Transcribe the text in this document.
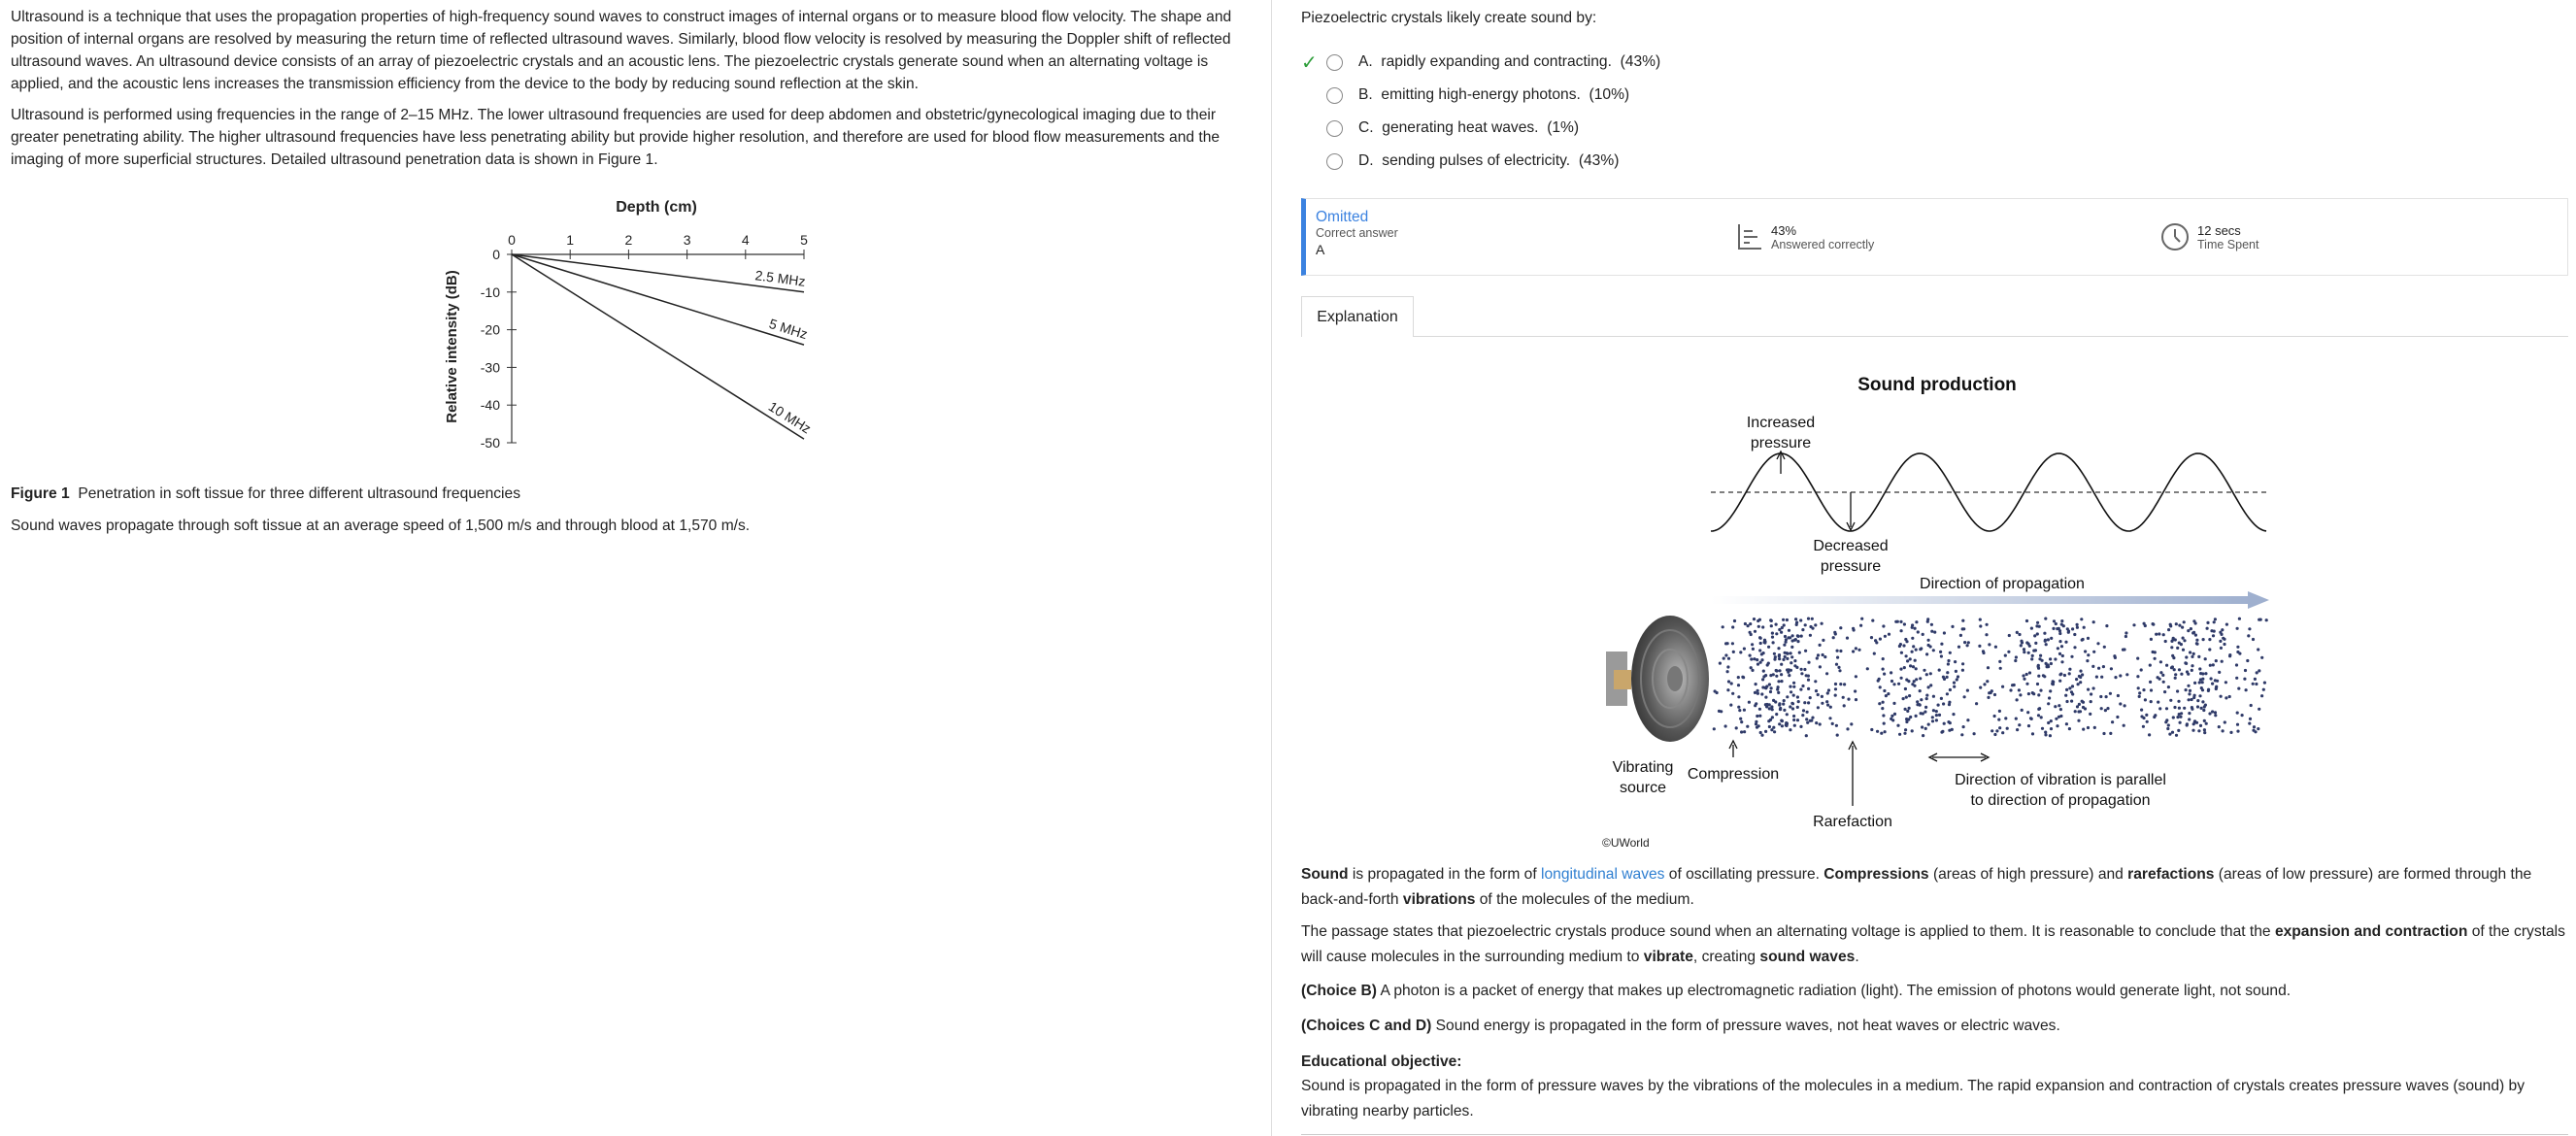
Ultrasound is a technique that uses the propagation properties of high-frequency sound waves to construct images of internal organs or to measure blood flow velocity. The shape and position of internal organs are resolved by measuring the return time of reflected ultrasound waves. Similarly, blood flow velocity is resolved by measuring the Doppler shift of reflected ultrasound waves. An ultrasound device consists of an array of piezoelectric crystals and an acoustic lens. The piezoelectric crystals generate sound when an alternating voltage is applied, and the acoustic lens increases the transmission efficiency from the device to the body by reducing sound reflection at the skin.

Ultrasound is performed using frequencies in the range of 2–15 MHz. The lower ultrasound frequencies are used for deep abdomen and obstetric/gynecological imaging due to their greater penetrating ability. The higher ultrasound frequencies have less penetrating ability but provide higher resolution, and therefore are used for blood flow measurements and the imaging of more superficial structures. Detailed ultrasound penetration data is shown in Figure 1.

Depth (cm)
Relative intensity (dB)
0	1	2	3	4	5
0
-10
-20
-30
-40
-50
2.5 MHz
5 MHz
10 MHz

Figure 1 Penetration in soft tissue for three different ultrasound frequencies

Sound waves propagate through soft tissue at an average speed of 1,500 m/s and through blood at 1,570 m/s.

Piezoelectric crystals likely create sound by:

✓	A.
rapidly expanding and contracting.
(43%)
B.
emitting high-energy photons.
(10%)
C.
generating heat waves.
(1%)
D.
sending pulses of electricity.
(43%)
Omitted
Correct answer
A
43%
Answered correctly
12 secs
Time Spent
Explanation
Sound production
Increased
pressure
Decreased
pressure
Direction of propagation
Vibrating
source
Compression
Rarefaction
Direction of vibration is parallel
to direction of propagation
©UWorld

Sound is propagated in the form of longitudinal waves of oscillating pressure. Compressions (areas of high pressure) and rarefactions (areas of low pressure) are formed through the back-and-forth vibrations of the molecules of the medium.

The passage states that piezoelectric crystals produce sound when an alternating voltage is applied to them. It is reasonable to conclude that the expansion and contraction of the crystals will cause molecules in the surrounding medium to vibrate, creating sound waves.

(Choice B) A photon is a packet of energy that makes up electromagnetic radiation (light). The emission of photons would generate light, not sound.

(Choices C and D) Sound energy is propagated in the form of pressure waves, not heat waves or electric waves.

Educational objective:

Sound is propagated in the form of pressure waves by the vibrations of the molecules in a medium. The rapid expansion and contraction of crystals creates pressure waves (sound) by vibrating nearby particles.
